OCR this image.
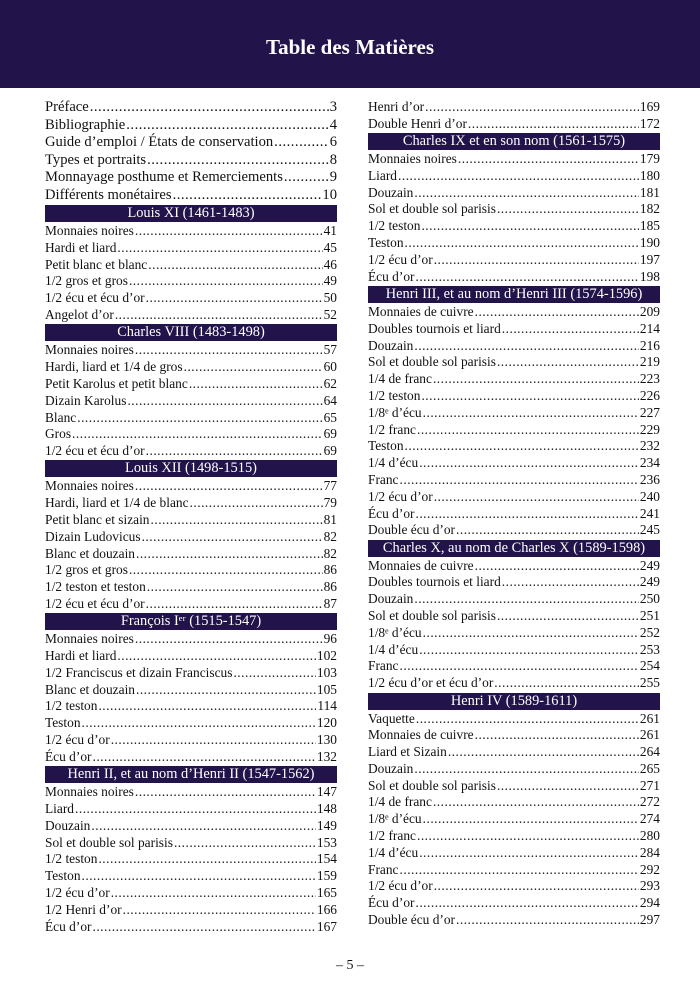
Table des Matières
Préface .....	3
Bibliographie .....	4
Guide d’emploi / États de conservation .....	6
Types et portraits .....	8
Monnayage posthume et Remerciements .....	9
Différents monétaires .....	10
Louis XI (1461-1483)
Monnaies noires .....	41
Hardi et liard .....	45
Petit blanc et blanc .....	46
1/2 gros et gros .....	49
1/2 écu et écu d’or .....	50
Angelot d’or .....	52
Charles VIII (1483-1498)
Monnaies noires .....	57
Hardi, liard et 1/4 de gros .....	60
Petit Karolus et petit blanc .....	62
Dizain Karolus .....	64
Blanc .....	65
Gros .....	69
1/2 écu et écu d’or .....	69
Louis XII (1498-1515)
Monnaies noires .....	77
Hardi, liard et 1/4 de blanc .....	79
Petit blanc et sizain .....	81
Dizain Ludovicus .....	82
Blanc et douzain .....	82
1/2 gros et gros .....	86
1/2 teston et teston .....	86
1/2 écu et écu d’or .....	87
François Iᵉʳ (1515-1547)
Monnaies noires .....	96
Hardi et liard .....	102
1/2 Franciscus et dizain Franciscus .....	103
Blanc et douzain .....	105
1/2 teston .....	114
Teston .....	120
1/2 écu d’or .....	130
Écu d’or .....	132
Henri II, et au nom d’Henri II (1547-1562)
Monnaies noires .....	147
Liard .....	148
Douzain .....	149
Sol et double sol parisis .....	153
1/2 teston .....	154
Teston .....	159
1/2 écu d’or .....	165
1/2 Henri d’or .....	166
Écu d’or .....	167
Henri d’or .....	169
Double Henri d’or .....	172
Charles IX et en son nom (1561-1575)
Monnaies noires .....	179
Liard .....	180
Douzain .....	181
Sol et double sol parisis .....	182
1/2 teston .....	185
Teston .....	190
1/2 écu d’or .....	197
Écu d’or .....	198
Henri III, et au nom d’Henri III (1574-1596)
Monnaies de cuivre .....	209
Doubles tournois et liard .....	214
Douzain .....	216
Sol et double sol parisis .....	219
1/4 de franc .....	223
1/2 teston .....	226
1/8ᵉ d’écu .....	227
1/2 franc .....	229
Teston .....	232
1/4 d’écu .....	234
Franc .....	236
1/2 écu d’or .....	240
Écu d’or .....	241
Double écu d’or .....	245
Charles X, au nom de Charles X (1589-1598)
Monnaies de cuivre .....	249
Doubles tournois et liard .....	249
Douzain .....	250
Sol et double sol parisis .....	251
1/8ᵉ d’écu .....	252
1/4 d’écu .....	253
Franc .....	254
1/2 écu d’or et écu d’or .....	255
Henri IV (1589-1611)
Vaquette .....	261
Monnaies de cuivre .....	261
Liard et Sizain .....	264
Douzain .....	265
Sol et double sol parisis .....	271
1/4 de franc .....	272
1/8ᵉ d’écu .....	274
1/2 franc .....	280
1/4 d’écu .....	284
Franc .....	292
1/2 écu d’or .....	293
Écu d’or .....	294
Double écu d’or .....	297
– 5 –
